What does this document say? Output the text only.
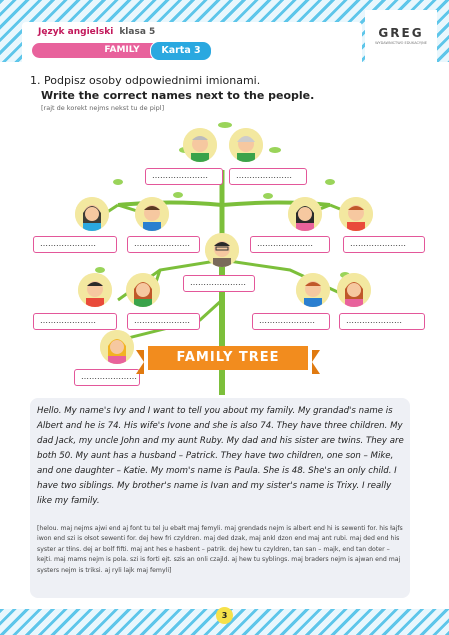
Język angielski klasa 5
FAMILY	Karta 3
GREG
WYDAWNICTWO EDUKACYJNE
1. Podpisz osoby odpowiednimi imionami.
Write the correct names next to the people.
[rajt de korekt nejms nekst tu de pipl]
…………………	…………………
…………………	…………………	…………………	…………………
…………………
…………………	…………………	…………………	…………………
…………………
FAMILY TREE
Hello. My name's Ivy and I want to tell you about my family. My grandad's name is Albert and he is 74. His wife's Ivone and she is also 74. They have three children. My dad Jack, my uncle John and my aunt Ruby. My dad and his sister are twins. They are both 50. My aunt has a husband – Patrick. They have two children, one son – Mike, and one daughter – Katie. My mom's name is Paula. She is 48. She's an only child. I have two siblings. My brother's name is Ivan and my sister's name is Trixy. I really like my family.
[helou. maj nejms ajwi end aj font tu tel ju ebałt maj femyli. maj grendads nejm is albert end hi is sewenti for. his łajfs iwon end szi is ołsot sewenti for. dej hew fri czyldren. maj ded dzak, maj ankl dzon end maj ant rubi. maj ded end his syster ar tłins. dej ar bolf fifti. maj ant hes e hasbent – patrik. dej hew tu czyldren, tan san – majk, end tan doter – kejti. maj mams nejm is pola. szi is forti ejt. szis an onli czajld. aj hew tu syblings. maj braders nejm is ajwan end maj systers nejm is triksi. aj ryli lajk maj femyli]
3
